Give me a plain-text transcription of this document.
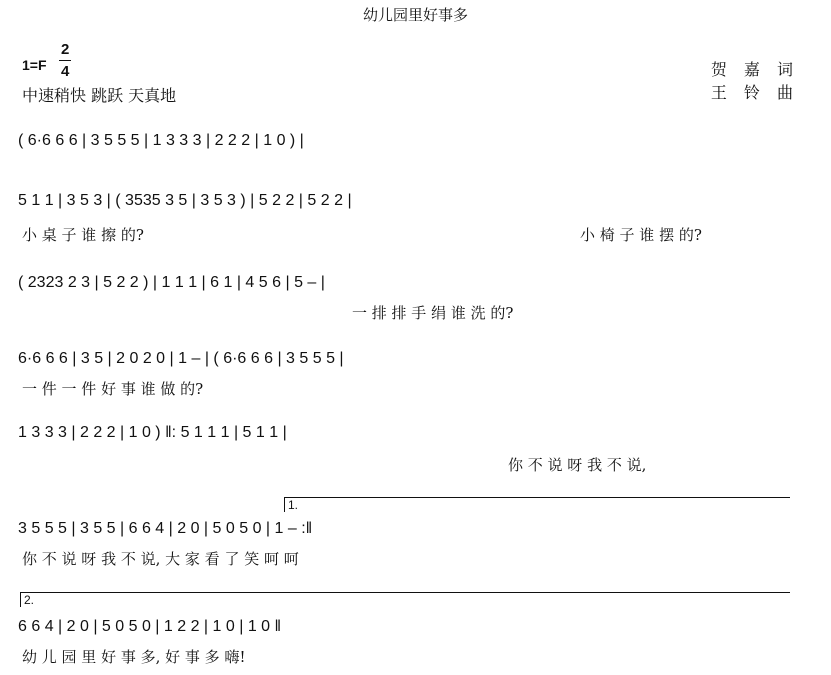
幼儿园里好事多
1=F
2
4
中速稍快 跳跃 天真地
贺 嘉 词
王 铃 曲
( 6·6 6 6 | 3 5 5 5 | 1 3 3 3 | 2 2 2 | 1 0 ) |
5 1 1 | 3 5 3 | ( 3535 3 5 | 3 5 3 ) | 5 2 2 | 5 2 2 |
小 桌 子 谁 擦 的?	小 椅 子 谁 摆 的?
( 2323 2 3 | 5 2 2 ) | 1 1 1 | 6 1 | 4 5 6 | 5 – |
一 排 排 手 绢 谁 洗 的?
6·6 6 6 | 3 5 | 2 0 2 0 | 1 – | ( 6·6 6 6 | 3 5 5 5 |
一 件 一 件 好 事 谁 做 的?
1 3 3 3 | 2 2 2 | 1 0 ) ‖: 5 1 1 1 | 5 1 1 |
你 不 说 呀 我 不 说,
1.
3 5 5 5 | 3 5 5 | 6 6 4 | 2 0 | 5 0 5 0 | 1 – :‖
你 不 说 呀 我 不 说, 大 家 看 了 笑 呵 呵
2.
6 6 4 | 2 0 | 5 0 5 0 | 1 2 2 | 1 0 | 1 0 ‖
幼 儿 园 里 好 事 多, 好 事 多 嗨!
